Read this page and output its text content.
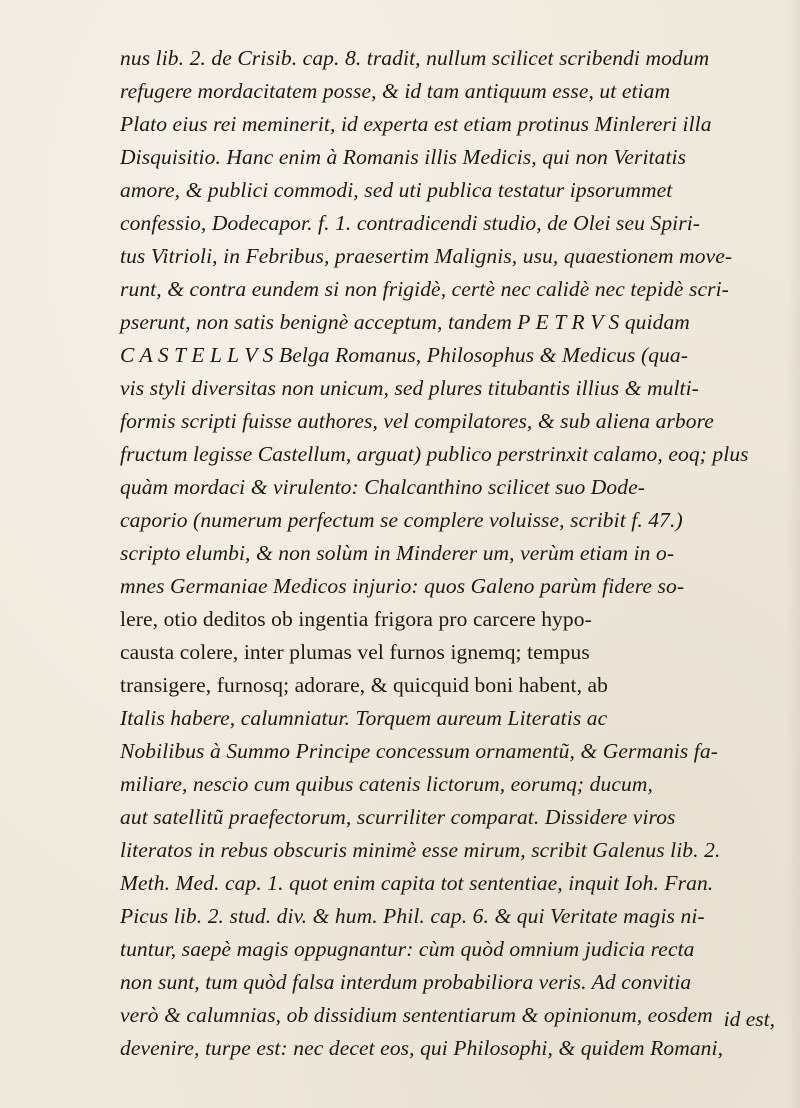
nus lib. 2. de Crisib. cap. 8. tradit, nullum scilicet scribendi modum
refugere mordacitatem posse, & id tam antiquum esse, ut etiam
Plato eius rei meminerit, id experta est etiam protinus Minlereri illa
Disquisitio. Hanc enim à Romanis illis Medicis, qui non Veritatis
amore, & publici commodi, sed uti publica testatur ipsorummet
confessio, Dodecapor. f. 1. contradicendi studio, de Olei seu Spiri-
tus Vitrioli, in Febribus, praesertim Malignis, usu, quaestionem move-
runt, & contra eundem si non frigidè, certè nec calidè nec tepidè scri-
pserunt, non satis benignè acceptum, tandem P E T R V S quidam
C A S T E L L V S Belga Romanus, Philosophus & Medicus (qua-
vis styli diversitas non unicum, sed plures titubantis illius & multi-
formis scripti fuisse authores, vel compilatores, & sub aliena arbore
fructum legisse Castellum, arguat) publico perstrinxit calamo, eoq; plus
quàm mordaci & virulento: Chalcanthino scilicet suo Dode-
caporio (numerum perfectum se complere voluisse, scribit f. 47.)
scripto elumbi, & non solùm in Minderer um, verùm etiam in o-
mnes Germaniae Medicos injurio: quos Galeno parùm fidere so-
lere, otio deditos ob ingentia frigora pro carcere hypo-
causta colere, inter plumas vel furnos ignemq; tempus
transigere, furnosq; adorare, & quicquid boni habent, ab
Italis habere, calumniatur. Torquem aureum Literatis ac
Nobilibus à Summo Principe concessum ornamentũ, & Germanis fa-
miliare, nescio cum quibus catenis lictorum, eorumq; ducum,
aut satellitũ praefectorum, scurriliter comparat. Dissidere viros
literatos in rebus obscuris minimè esse mirum, scribit Galenus lib. 2.
Meth. Med. cap. 1. quot enim capita tot sententiae, inquit Ioh. Fran.
Picus lib. 2. stud. div. & hum. Phil. cap. 6. & qui Veritate magis ni-
tuntur, saepè magis oppugnantur: cùm quòd omnium judicia recta
non sunt, tum quòd falsa interdum probabiliora veris. Ad convitia
verò & calumnias, ob dissidium sententiarum & opinionum, eosdem
devenire, turpe est: nec decet eos, qui Philosophi, & quidem Romani,
id est,
